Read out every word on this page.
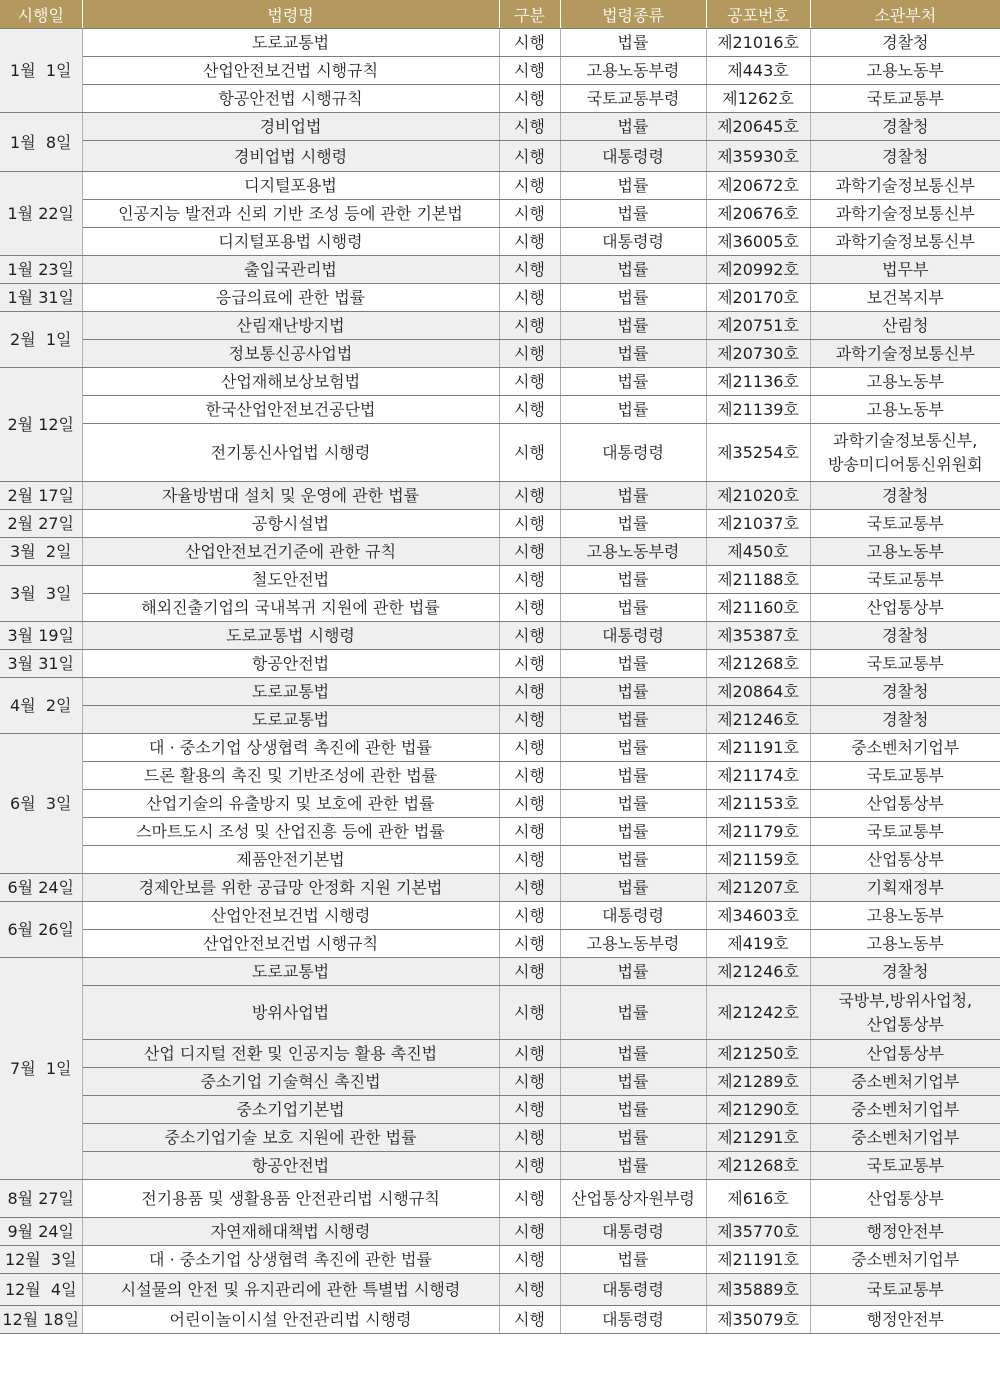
시행일	법령명	구분	법령종류	공포번호	소관부처
1월  1일	도로교통법	시행	법률	제21016호	경찰청
	산업안전보건법 시행규칙	시행	고용노동부령	제443호	고용노동부
	항공안전법 시행규칙	시행	국토교통부령	제1262호	국토교통부
1월  8일	경비업법	시행	법률	제20645호	경찰청
	경비업법 시행령	시행	대통령령	제35930호	경찰청
1월 22일	디지털포용법	시행	법률	제20672호	과학기술정보통신부
	인공지능 발전과 신뢰 기반 조성 등에 관한 기본법	시행	법률	제20676호	과학기술정보통신부
	디지털포용법 시행령	시행	대통령령	제36005호	과학기술정보통신부
1월 23일	출입국관리법	시행	법률	제20992호	법무부
1월 31일	응급의료에 관한 법률	시행	법률	제20170호	보건복지부
2월  1일	산림재난방지법	시행	법률	제20751호	산림청
	정보통신공사업법	시행	법률	제20730호	과학기술정보통신부
2월 12일	산업재해보상보험법	시행	법률	제21136호	고용노동부
	한국산업안전보건공단법	시행	법률	제21139호	고용노동부
	전기통신사업법 시행령	시행	대통령령	제35254호	과학기술정보통신부,
방송미디어통신위원회

2월 17일	자율방범대 설치 및 운영에 관한 법률	시행	법률	제21020호	경찰청
2월 27일	공항시설법	시행	법률	제21037호	국토교통부
3월  2일	산업안전보건기준에 관한 규칙	시행	고용노동부령	제450호	고용노동부
3월  3일	철도안전법	시행	법률	제21188호	국토교통부
	해외진출기업의 국내복귀 지원에 관한 법률	시행	법률	제21160호	산업통상부
3월 19일	도로교통법 시행령	시행	대통령령	제35387호	경찰청
3월 31일	항공안전법	시행	법률	제21268호	국토교통부
4월  2일	도로교통법	시행	법률	제20864호	경찰청
	도로교통법	시행	법률	제21246호	경찰청
6월  3일	대 · 중소기업 상생협력 촉진에 관한 법률	시행	법률	제21191호	중소벤처기업부
	드론 활용의 촉진 및 기반조성에 관한 법률	시행	법률	제21174호	국토교통부
	산업기술의 유출방지 및 보호에 관한 법률	시행	법률	제21153호	산업통상부
	스마트도시 조성 및 산업진흥 등에 관한 법률	시행	법률	제21179호	국토교통부
	제품안전기본법	시행	법률	제21159호	산업통상부
6월 24일	경제안보를 위한 공급망 안정화 지원 기본법	시행	법률	제21207호	기획재정부
6월 26일	산업안전보건법 시행령	시행	대통령령	제34603호	고용노동부
	산업안전보건법 시행규칙	시행	고용노동부령	제419호	고용노동부
7월  1일	도로교통법	시행	법률	제21246호	경찰청
	방위사업법	시행	법률	제21242호	국방부,방위사업청,
산업통상부

	산업 디지털 전환 및 인공지능 활용 촉진법	시행	법률	제21250호	산업통상부
	중소기업 기술혁신 촉진법	시행	법률	제21289호	중소벤처기업부
	중소기업기본법	시행	법률	제21290호	중소벤처기업부
	중소기업기술 보호 지원에 관한 법률	시행	법률	제21291호	중소벤처기업부
	항공안전법	시행	법률	제21268호	국토교통부
8월 27일	전기용품 및 생활용품 안전관리법 시행규칙	시행	산업통상자원부령	제616호	산업통상부
9월 24일	자연재해대책법 시행령	시행	대통령령	제35770호	행정안전부
12월  3일	대 · 중소기업 상생협력 촉진에 관한 법률	시행	법률	제21191호	중소벤처기업부
12월  4일	시설물의 안전 및 유지관리에 관한 특별법 시행령	시행	대통령령	제35889호	국토교통부
12월 18일	어린이놀이시설 안전관리법 시행령	시행	대통령령	제35079호	행정안전부
